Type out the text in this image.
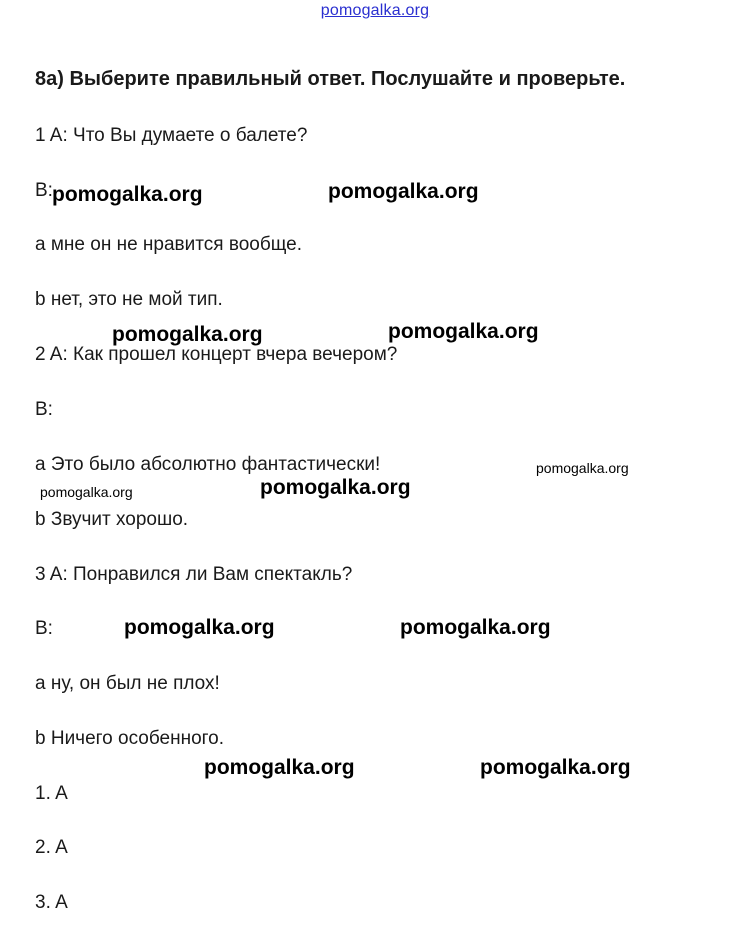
pomogalka.org
8a) Выберите правильный ответ. Послушайте и проверьте.
1 A: Что Вы думаете о балете?
B:
a мне он не нравится вообще.
b нет, это не мой тип.
2 A: Как прошел концерт вчера вечером?
B:
a Это было абсолютно фантастически!
b Звучит хорошо.
3 A: Понравился ли Вам спектакль?
B:
a ну, он был не плох!
b Ничего особенного.
1. A
2. A
3. A
pomogalka.org	pomogalka.org
pomogalka.org	pomogalka.org
pomogalka.org
pomogalka.org	pomogalka.org
pomogalka.org	pomogalka.org
pomogalka.org	pomogalka.org
